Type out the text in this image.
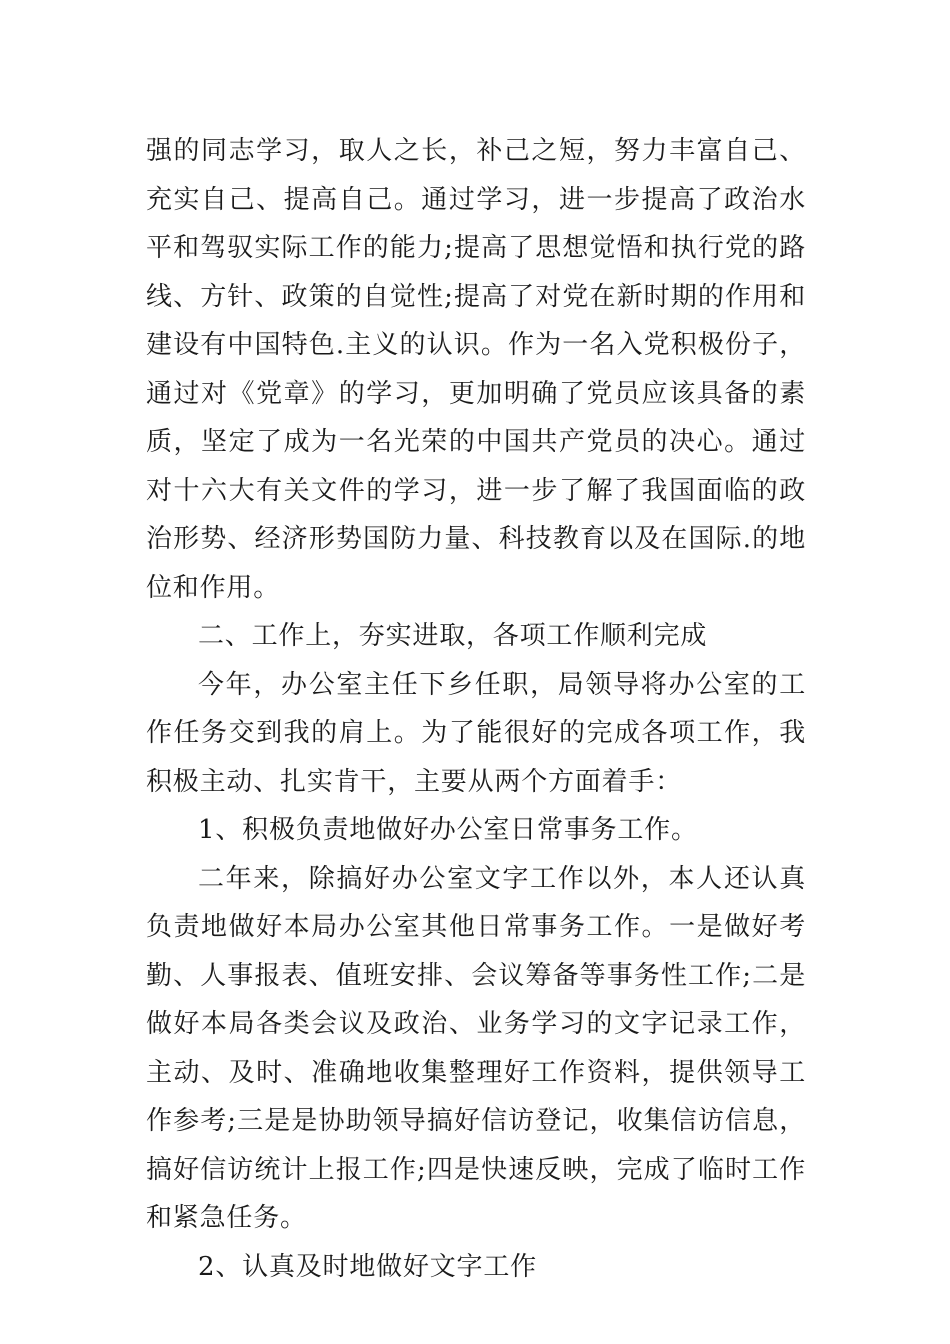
强的同志学习，取人之长，补己之短，努力丰富自己、充实自己、提高自己。通过学习，进一步提高了政治水平和驾驭实际工作的能力;提高了思想觉悟和执行党的路线、方针、政策的自觉性;提高了对党在新时期的作用和建设有中国特色.主义的认识。作为一名入党积极份子，通过对《党章》的学习，更加明确了党员应该具备的素质，坚定了成为一名光荣的中国共产党员的决心。通过对十六大有关文件的学习，进一步了解了我国面临的政治形势、经济形势国防力量、科技教育以及在国际.的地位和作用。

二、工作上，夯实进取，各项工作顺利完成

今年，办公室主任下乡任职，局领导将办公室的工作任务交到我的肩上。为了能很好的完成各项工作，我积极主动、扎实肯干，主要从两个方面着手：

1、积极负责地做好办公室日常事务工作。

二年来，除搞好办公室文字工作以外，本人还认真负责地做好本局办公室其他日常事务工作。一是做好考勤、人事报表、值班安排、会议筹备等事务性工作;二是做好本局各类会议及政治、业务学习的文字记录工作，主动、及时、准确地收集整理好工作资料，提供领导工作参考;三是是协助领导搞好信访登记，收集信访信息，搞好信访统计上报工作;四是快速反映，完成了临时工作和紧急任务。

2、认真及时地做好文字工作
